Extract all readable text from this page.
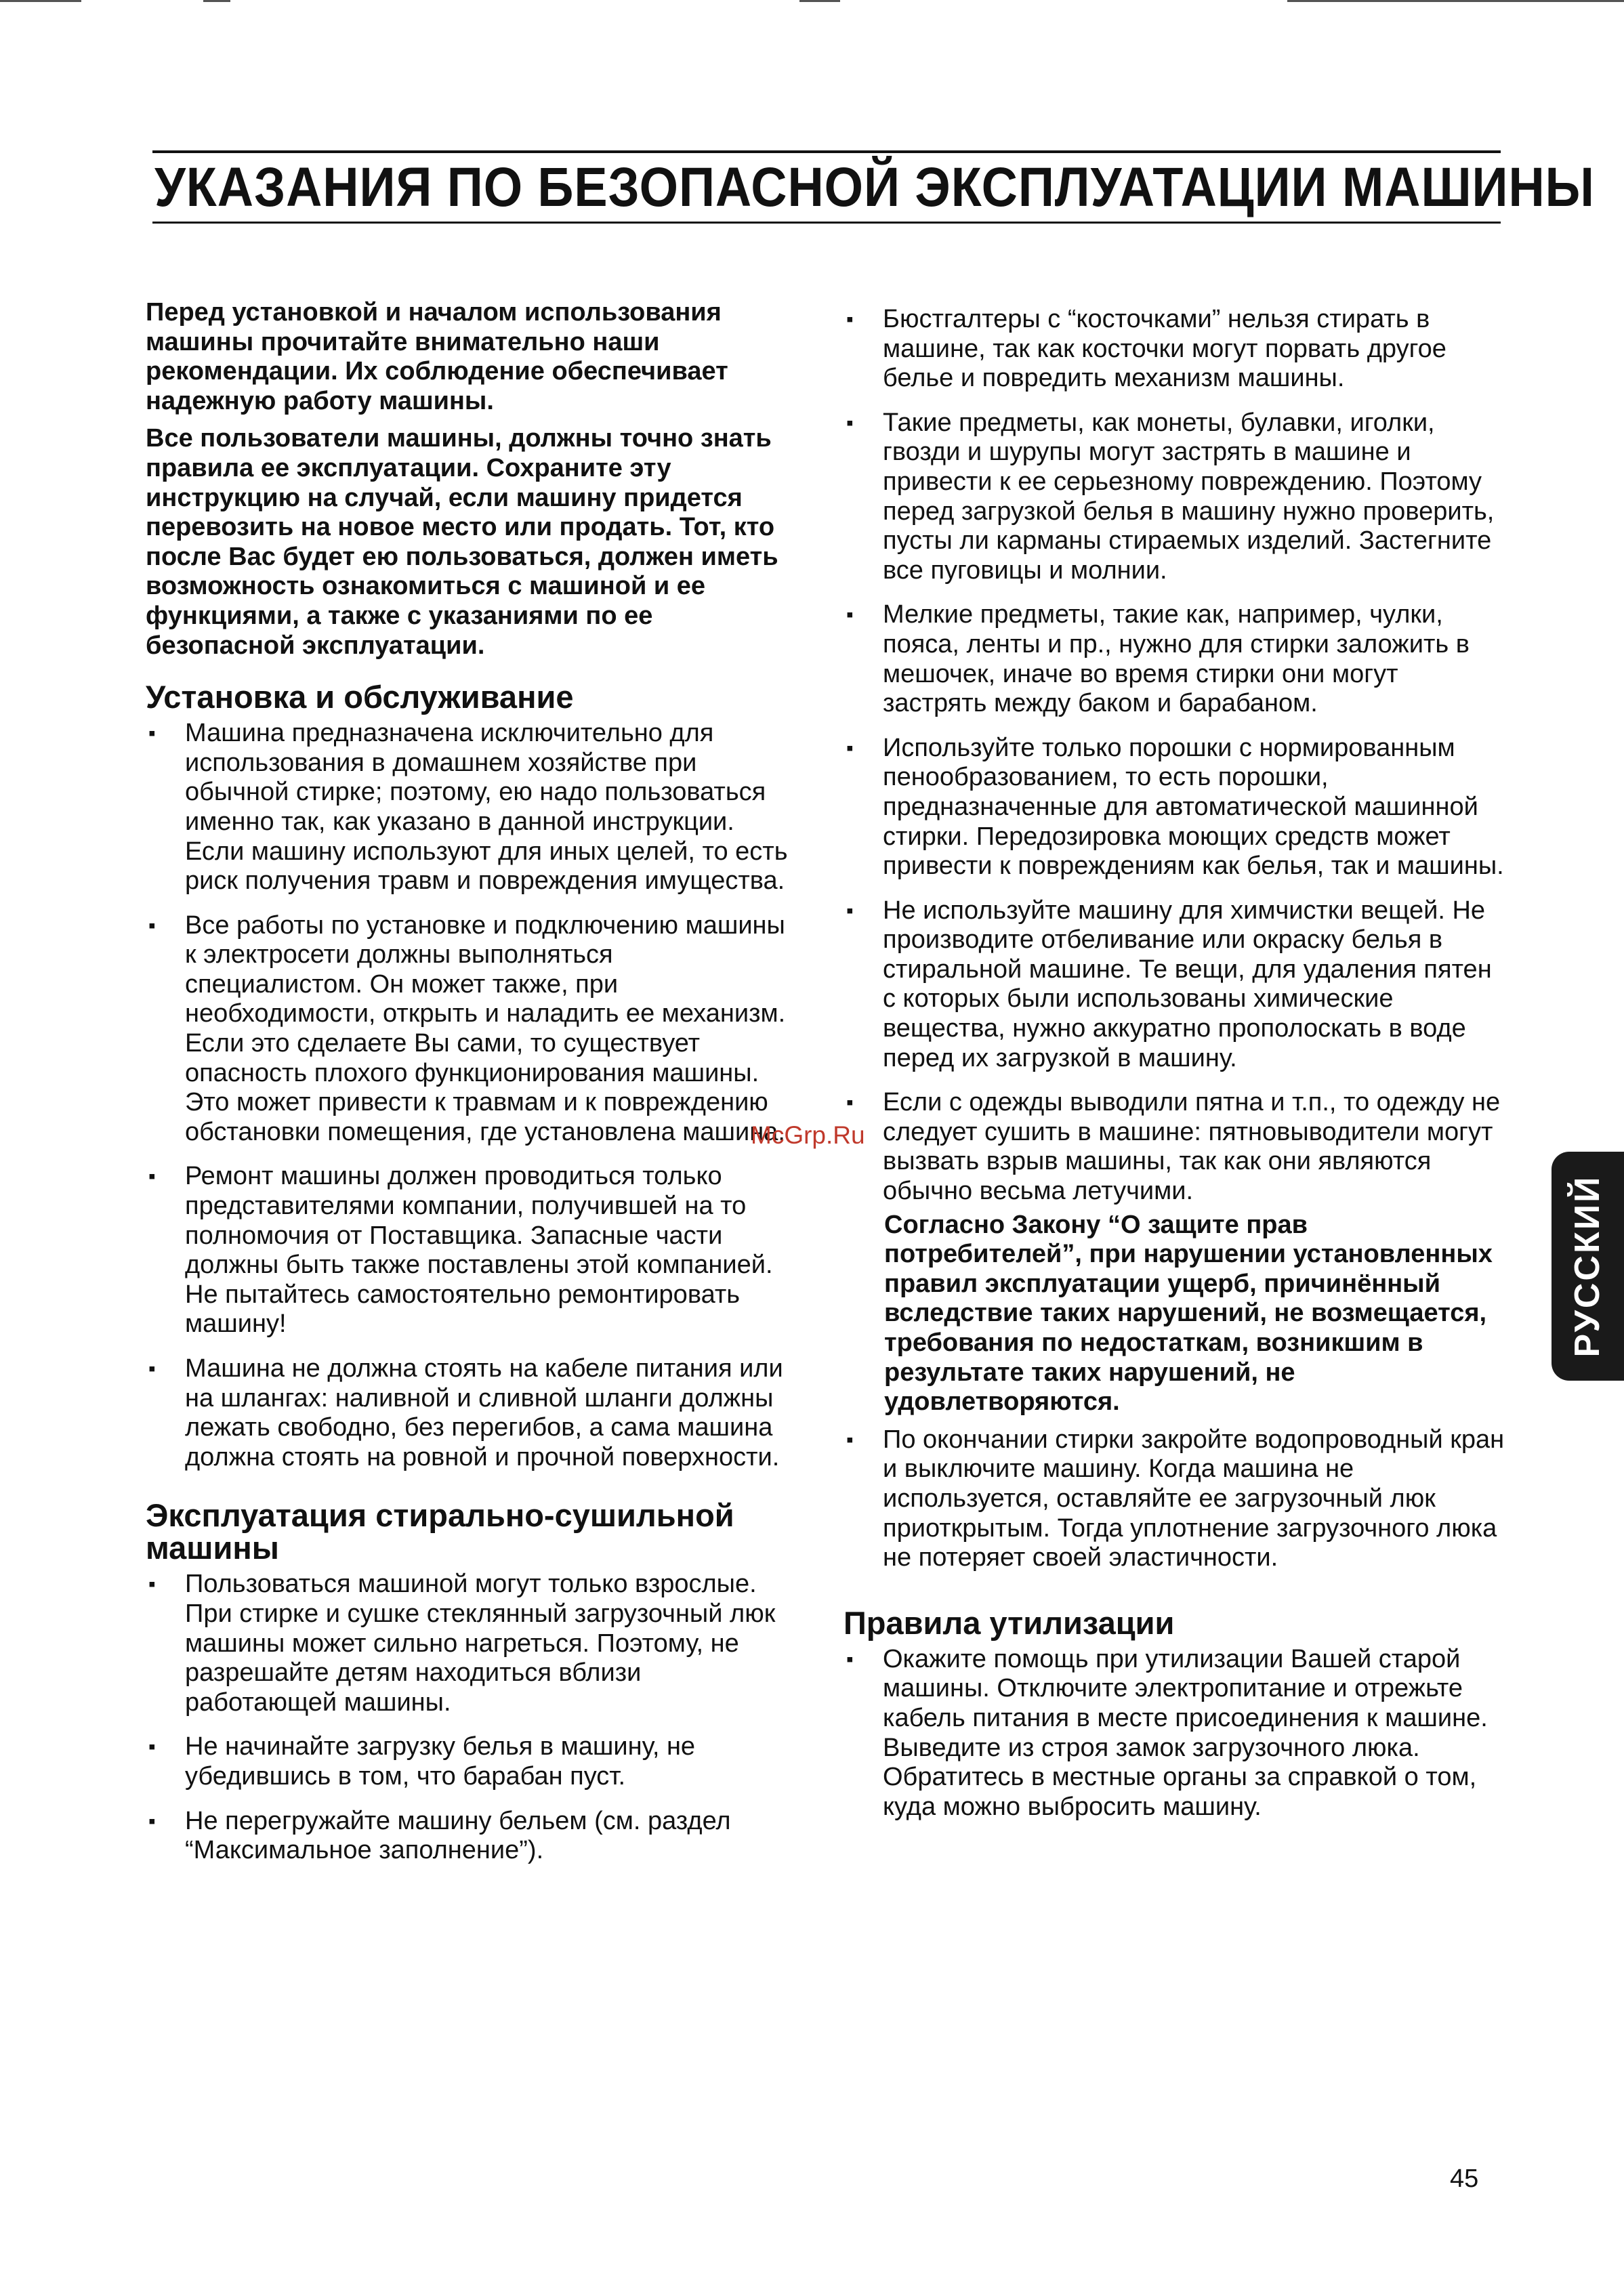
УКАЗАНИЯ ПО БЕЗОПАСНОЙ ЭКСПЛУАТАЦИИ МАШИНЫ

Перед установкой и началом использования машины прочитайте внимательно наши рекомендации. Их соблюдение обеспечивает надежную работу машины.

Все пользователи машины, должны точно знать правила ее эксплуатации. Сохраните эту инструкцию на случай, если машину придется перевозить на новое место или продать. Тот, кто после Вас будет ею пользоваться, должен иметь возможность ознакомиться с машиной и ее функциями, а также с указаниями по ее безопасной эксплуатации.

Установка и обслуживание
▪ Машина предназначена исключительно для использования в домашнем хозяйстве при обычной стирке; поэтому, ею надо пользоваться именно так, как указано в данной инструкции. Если машину используют для иных целей, то есть риск получения травм и повреждения имущества.
▪ Все работы по установке и подключению машины к электросети должны выполняться специалистом. Он может также, при необходимости, открыть и наладить ее механизм. Если это сделаете Вы сами, то существует опасность плохого функционирования машины. Это может привести к травмам и к повреждению обстановки помещения, где установлена машина.
▪ Ремонт машины должен проводиться только представителями компании, получившей на то полномочия от Поставщика. Запасные части должны быть также поставлены этой компанией. Не пытайтесь самостоятельно ремонтировать машину!
▪ Машина не должна стоять на кабеле питания или на шлангах: наливной и сливной шланги должны лежать свободно, без перегибов, а сама машина должна стоять на ровной и прочной поверхности.
Эксплуатация стирально-сушильной машины
▪ Пользоваться машиной могут только взрослые. При стирке и сушке стеклянный загрузочный люк машины может сильно нагреться. Поэтому, не разрешайте детям находиться вблизи работающей машины.
▪ Не начинайте загрузку белья в машину, не убедившись в том, что барабан пуст.
▪ Не перегружайте машину бельем (см. раздел “Максимальное заполнение”).
▪ Бюстгалтеры с “косточками” нельзя стирать в машине, так как косточки могут порвать другое белье и повредить механизм машины.
▪ Такие предметы, как монеты, булавки, иголки, гвозди и шурупы могут застрять в машине и привести к ее серьезному повреждению. Поэтому перед загрузкой белья в машину нужно проверить, пусты ли карманы стираемых изделий. Застегните все пуговицы и молнии.
▪ Мелкие предметы, такие как, например, чулки, пояса, ленты и пр., нужно для стирки заложить в мешочек, иначе во время стирки они могут застрять между баком и барабаном.
▪ Используйте только порошки с нормированным пенообразованием, то есть порошки, предназначенные для автоматической машинной стирки. Передозировка моющих средств может привести к повреждениям как белья, так и машины.
▪ Не используйте машину для химчистки вещей. Не производите отбеливание или окраску белья в стиральной машине. Те вещи, для удаления пятен с которых были использованы химические вещества, нужно аккуратно прополоскать в воде перед их загрузкой в машину.
▪ Если с одежды выводили пятна и т.п., то одежду не следует сушить в машине: пятновыводители могут вызвать взрыв машины, так как они являются обычно весьма летучими.

Согласно Закону “О защите прав потребителей”, при нарушении установленных правил эксплуатации ущерб, причинённый вследствие таких нарушений, не возмещается, требования по недостаткам, возникшим в результате таких нарушений, не удовлетворяются.

▪ По окончании стирки закройте водопроводный кран и выключите машину. Когда машина не используется, оставляйте ее загрузочный люк приоткрытым. Тогда уплотнение загрузочного люка не потеряет своей эластичности.
Правила утилизации
▪ Окажите помощь при утилизации Вашей старой машины. Отключите электропитание и отрежьте кабель питания в месте присоединения к машине. Выведите из строя замок загрузочного люка. Обратитесь в местные органы за справкой о том, куда можно выбросить машину.
McGrp.Ru
РУССКИЙ
45
